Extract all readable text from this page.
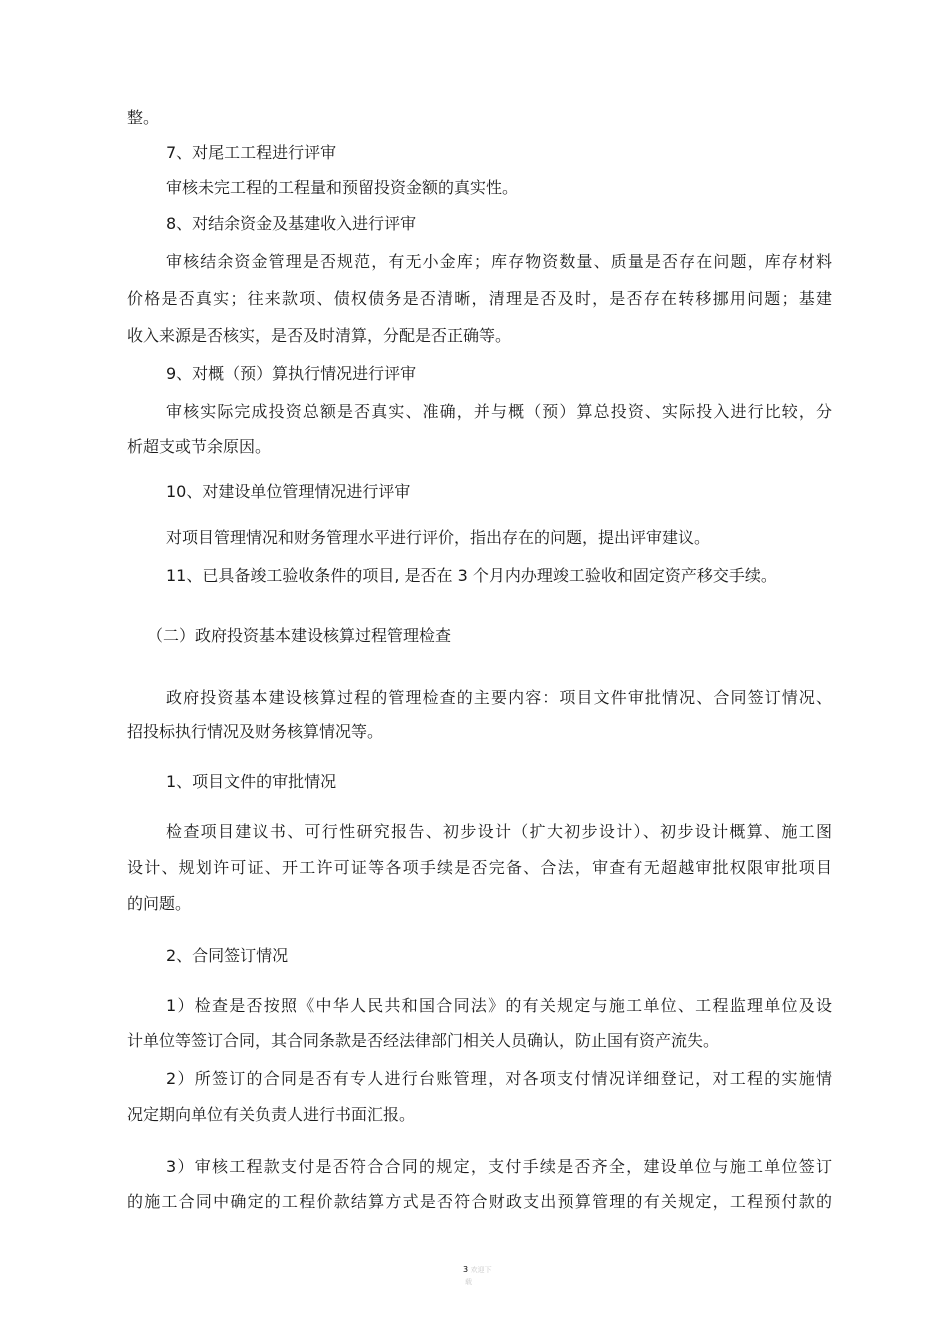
整。

7、对尾工工程进行评审

审核未完工程的工程量和预留投资金额的真实性。

8、对结余资金及基建收入进行评审

审核结余资金管理是否规范，有无小金库；库存物资数量、质量是否存在问题，库存材料

价格是否真实；往来款项、债权债务是否清晰，清理是否及时，是否存在转移挪用问题；基建

收入来源是否核实，是否及时清算，分配是否正确等。

9、对概（预）算执行情况进行评审

审核实际完成投资总额是否真实、准确，并与概（预）算总投资、实际投入进行比较，分

析超支或节余原因。

10、对建设单位管理情况进行评审

对项目管理情况和财务管理水平进行评价，指出存在的问题，提出评审建议。

11、已具备竣工验收条件的项目, 是否在 3 个月内办理竣工验收和固定资产移交手续。

（二）政府投资基本建设核算过程管理检查

政府投资基本建设核算过程的管理检查的主要内容：项目文件审批情况、合同签订情况、

招投标执行情况及财务核算情况等。

1、项目文件的审批情况

检查项目建议书、可行性研究报告、初步设计（扩大初步设计）、初步设计概算、施工图

设计、规划许可证、开工许可证等各项手续是否完备、合法，审查有无超越审批权限审批项目

的问题。

2、合同签订情况

1）检查是否按照《中华人民共和国合同法》的有关规定与施工单位、工程监理单位及设

计单位等签订合同，其合同条款是否经法律部门相关人员确认，防止国有资产流失。

2）所签订的合同是否有专人进行台账管理，对各项支付情况详细登记，对工程的实施情

况定期向单位有关负责人进行书面汇报。

3）审核工程款支付是否符合合同的规定，支付手续是否齐全，建设单位与施工单位签订

的施工合同中确定的工程价款结算方式是否符合财政支出预算管理的有关规定，工程预付款的

3 欢迎下
载
